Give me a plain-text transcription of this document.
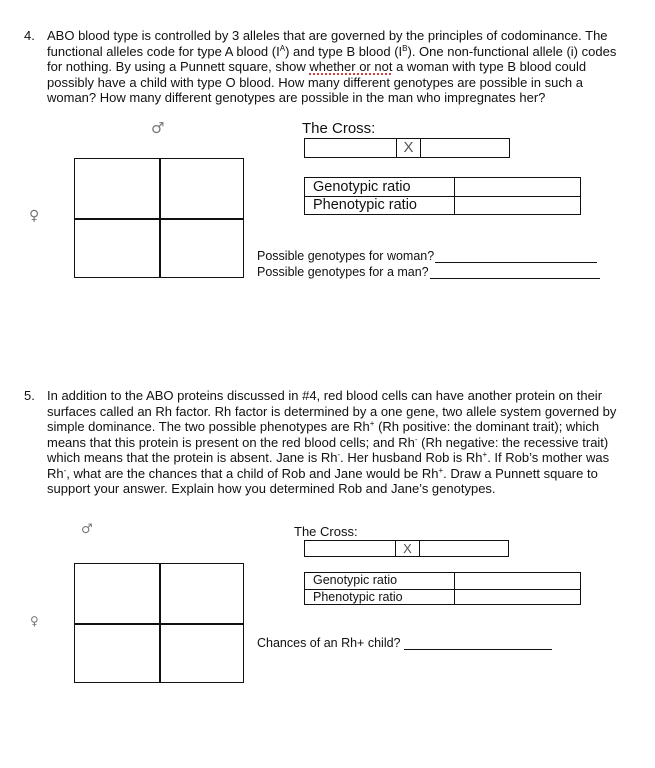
4. ABO blood type is controlled by 3 alleles that are governed by the principles of codominance. The
functional alleles code for type A blood $(I^A)$ and type B blood $(I^B)$. One non-functional allele (i) codes
for nothing. By using a Punnett square, show whether or not a woman with type B blood could
possibly have a child with type O blood. How many different genotypes are possible in such a
woman? How many different genotypes are possible in the man who impregnates her?
♂
♀
The Cross:
X
Genotypic ratio
Phenotypic ratio
Possible genotypes for woman?
Possible genotypes for a man?
5. In addition to the ABO proteins discussed in #4, red blood cells can have another protein on their
surfaces called an Rh factor. Rh factor is determined by a one gene, two allele system governed by
simple dominance. The two possible phenotypes are Rh+ (Rh positive: the dominant trait); which
means that this protein is present on the red blood cells; and Rh- (Rh negative: the recessive trait)
which means that the protein is absent. Jane is Rh-. Her husband Rob is Rh+. If Rob’s mother was
Rh-, what are the chances that a child of Rob and Jane would be Rh+. Draw a Punnett square to
support your answer. Explain how you determined Rob and Jane’s genotypes.
♂
♀
The Cross:
X
Genotypic ratio
Phenotypic ratio
Chances of an Rh+ child?
